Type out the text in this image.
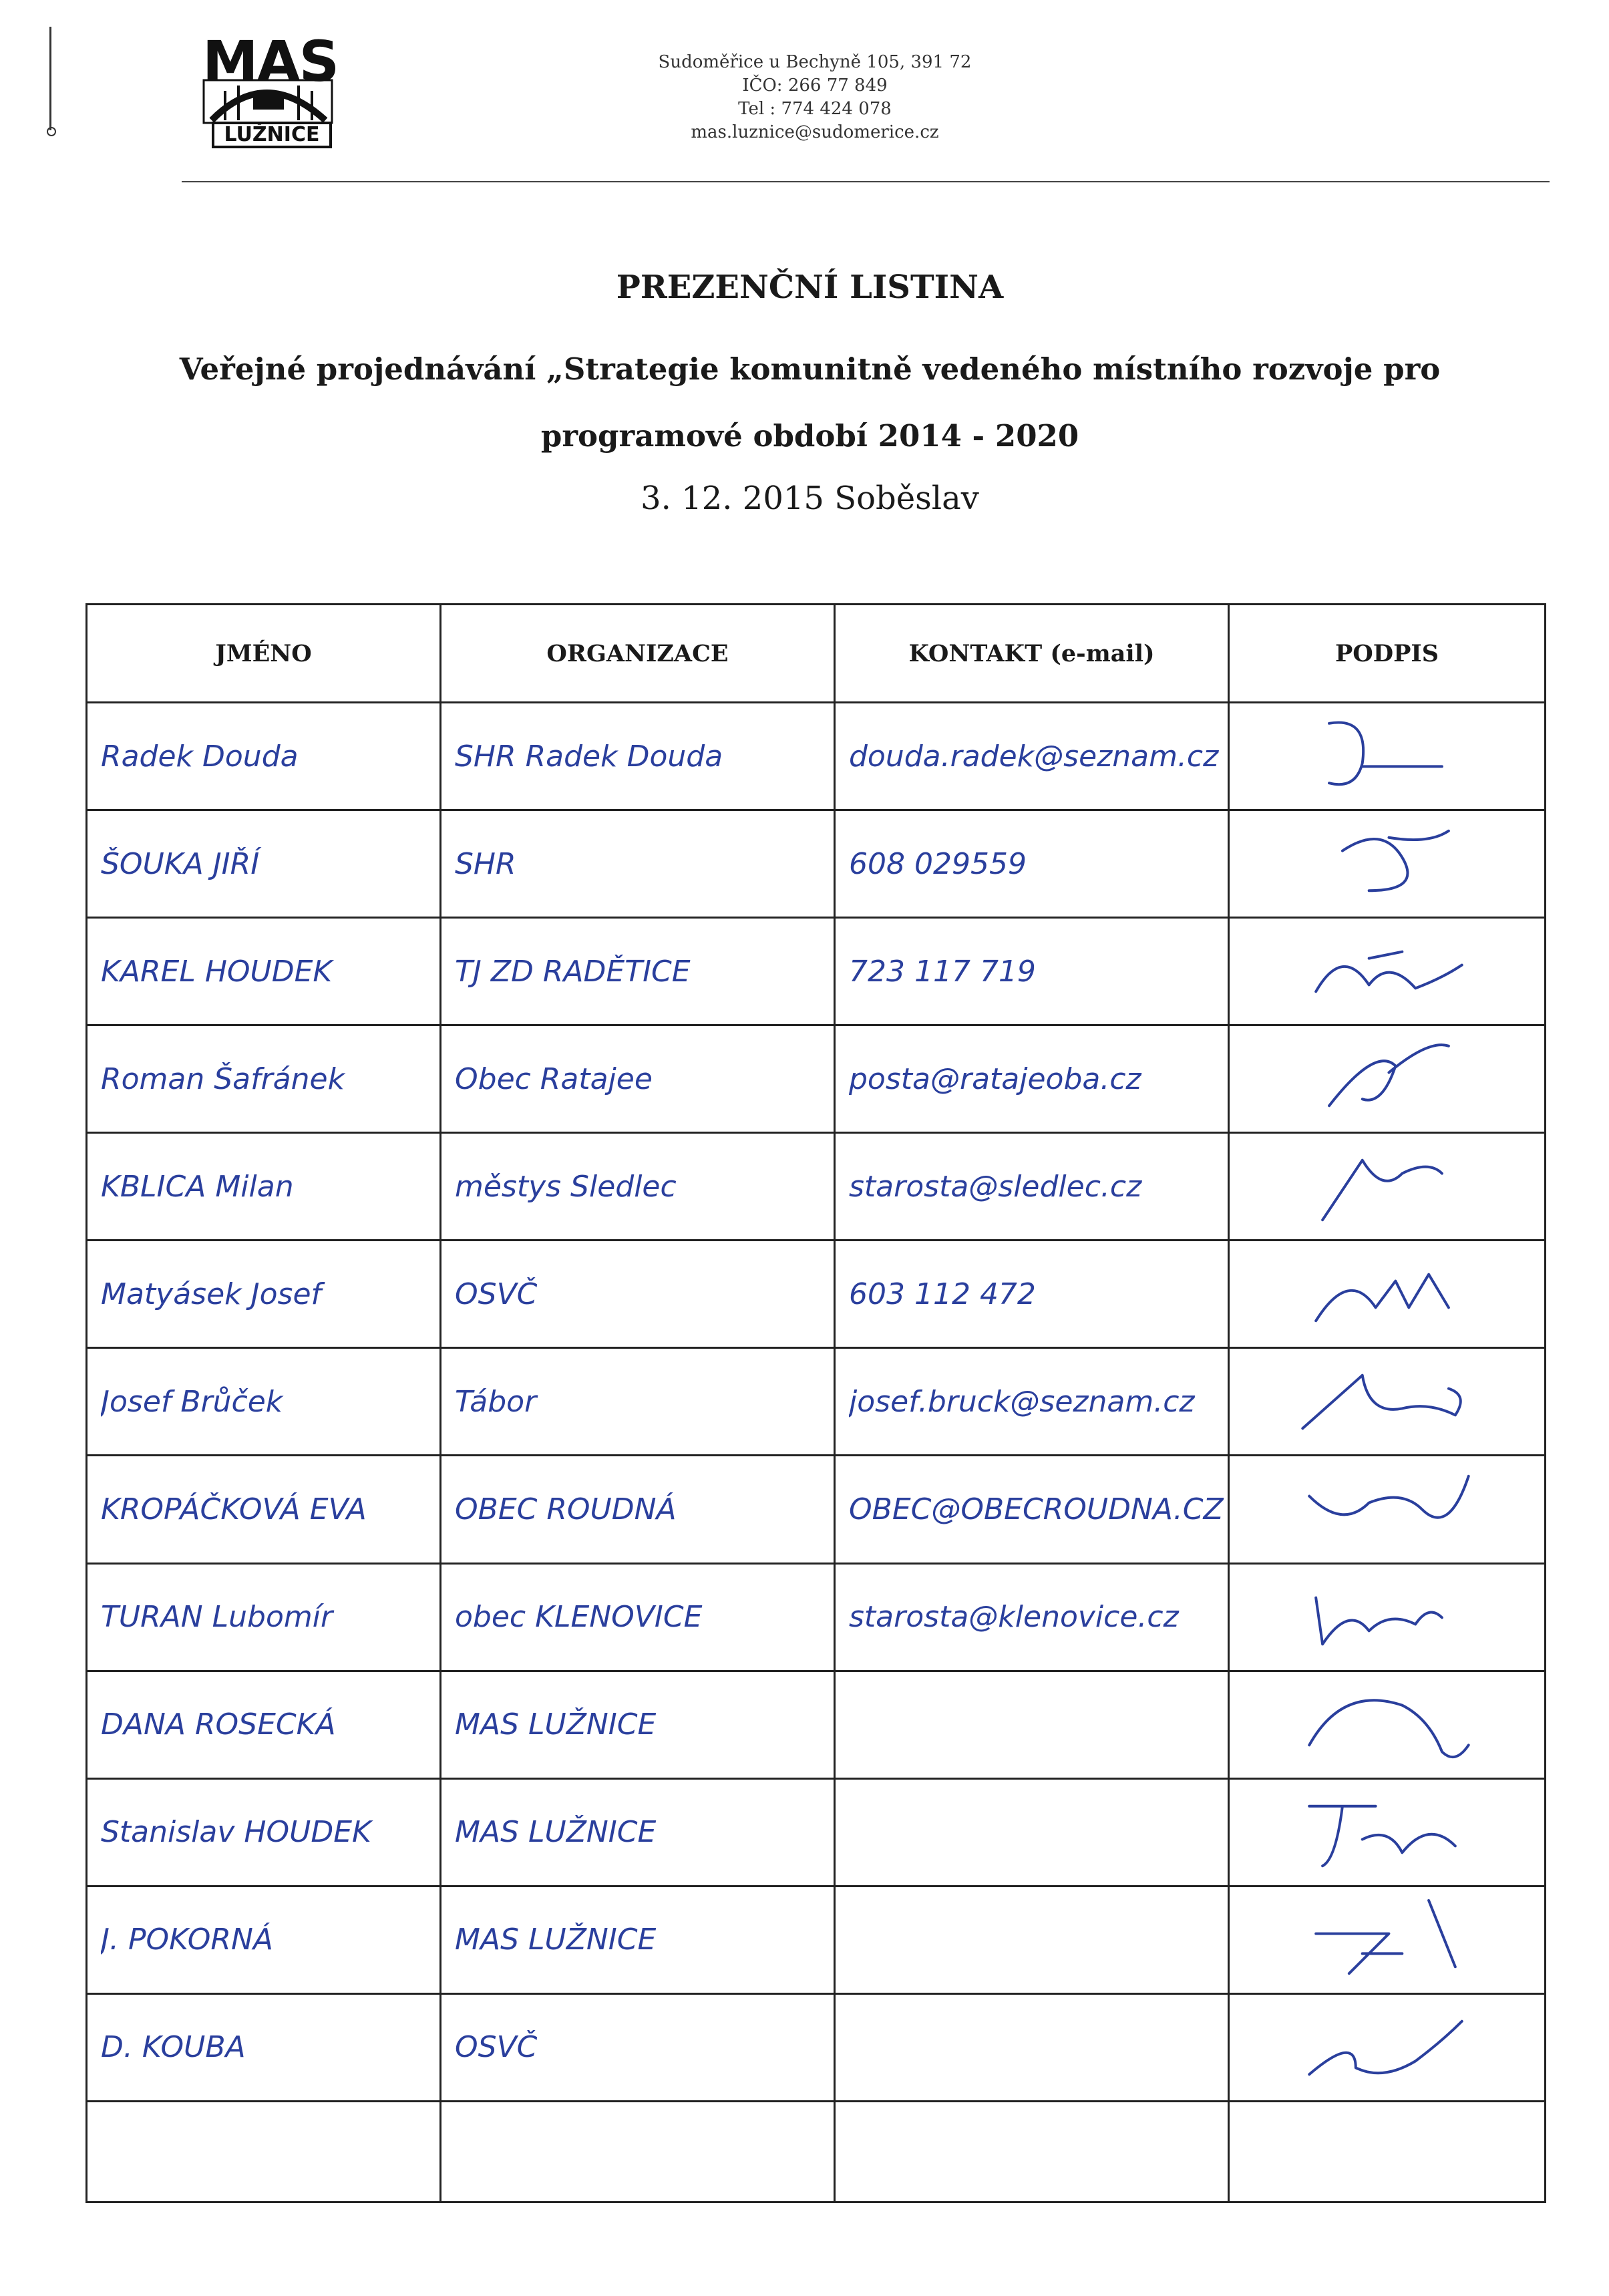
MAS
LUŽNICE
Sudoměřice u Bechyně 105, 391 72
IČO: 266 77 849
Tel : 774 424 078
mas.luznice@sudomerice.cz
PREZENČNÍ LISTINA
Veřejné projednávání „Strategie komunitně vedeného místního rozvoje pro
programové období 2014 - 2020
3. 12. 2015 Soběslav
JMÉNO	ORGANIZACE	KONTAKT (e-mail)	PODPIS

Radek Douda	SHR Radek Douda	douda.radek@seznam.cz

ŠOUKA JIŘÍ	SHR	608 029559

KAREL HOUDEK	TJ ZD RADĚTICE	723 117 719

Roman Šafránek	Obec Ratajee	posta@ratajeoba.cz

KBLICA Milan	městys Sledlec	starosta@sledlec.cz

Matyásek Josef	OSVČ	603 112 472

Josef Brůček	Tábor	josef.bruck@seznam.cz

KROPÁČKOVÁ EVA	OBEC ROUDNÁ	OBEC@OBECROUDNA.CZ

TURAN Lubomír	obec KLENOVICE	starosta@klenovice.cz

DANA ROSECKÁ	MAS LUŽNICE

Stanislav HOUDEK	MAS LUŽNICE

J. POKORNÁ	MAS LUŽNICE

D. KOUBA	OSVČ
